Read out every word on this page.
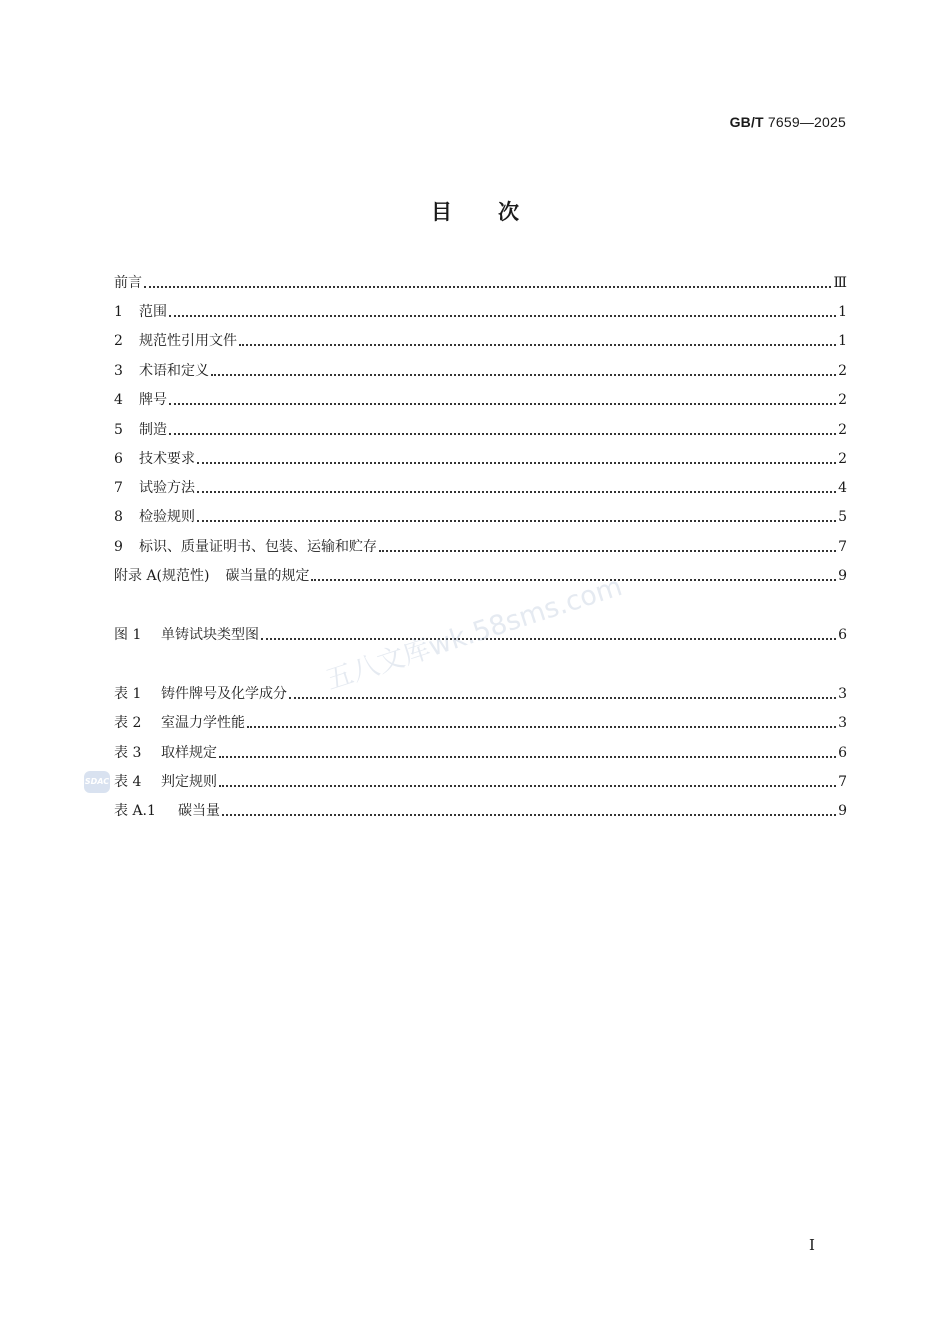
GB/T 7659—2025
目次
前言	Ⅲ
1	范围	1
2	规范性引用文件	1
3	术语和定义	2
4	牌号	2
5	制造	2
6	技术要求	2
7	试验方法	4
8	检验规则	5
9	标识、质量证明书、包装、运输和贮存	7
附录 A(规范性) 碳当量的规定	9
图 1	单铸试块类型图	6
表 1	铸件牌号及化学成分	3
表 2	室温力学性能	3
表 3	取样规定	6
表 4	判定规则	7
表 A.1	碳当量	9
五八文库wk.58sms.com
SDAC
Ⅰ
